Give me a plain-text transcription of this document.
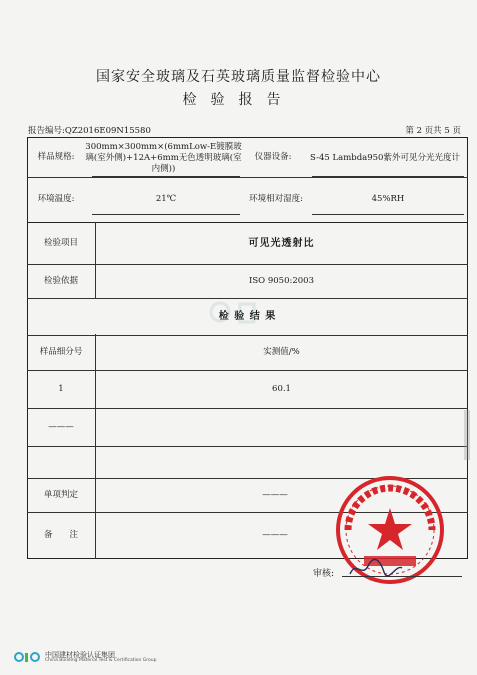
国家安全玻璃及石英玻璃质量监督检验中心
检验报告
报告编号:QZ2016E09N15580	第 2 页共 5 页
样品规格:
300mm×300mm×(6mmLow-E镀膜玻璃(室外侧)+12A+6mm无色透明玻璃(室内侧))
仪器设备:	S-45 Lambda950紫外可见分光光度计
环境温度:	21℃	环境相对湿度:	45%RH
检验项目	可见光透射比
检验依据	ISO 9050:2003
检 验 结 果
样品细分号	实测值/%
1	60.1
———
单项判定	———
备　　注	———
审核:
中国建材检验认证集团
China Building Material Test & Certification Group
